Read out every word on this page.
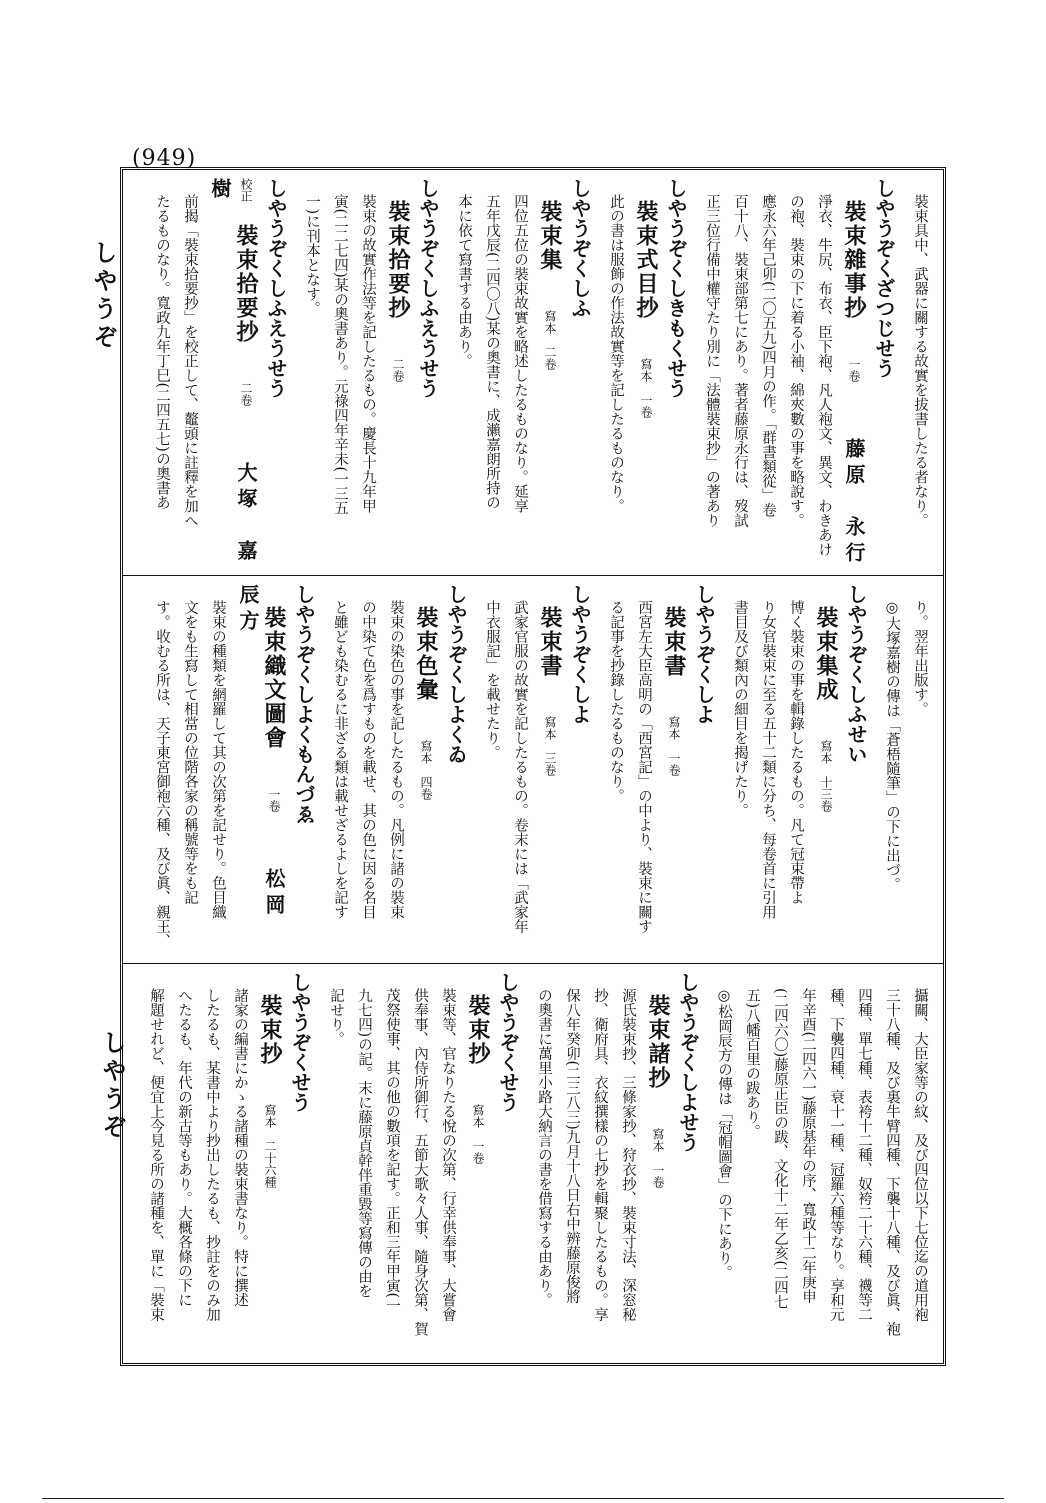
(949)
しやうぞ
しやうぞ
裝束具中、武器に關する故實を拔書したる者なり。
しやうぞくざつじせう
裝束雜事抄　一卷　藤原　永行
淨衣、牛尻、布衣、臣下袍、凡人袍文、異文、わきあけ
の袍、裝束の下に着る小袖、綿夾數の事を略說す。
應永六年己卯(二〇五九)四月の作。「群書類從」卷
百十八、裝束部第七にあり。著者藤原永行は、歿試
正三位行備中權守たり別に「法體裝束抄」の著あり
しやうぞくしきもくせう
裝束式目抄　寫本　一卷
此の書は服飾の作法故實等を記したるものなり。
しやうぞくしふ
裝束集　寫本　二卷
四位五位の裝束故實を略述したるものなり。延享
五年戊辰(二四〇八)某の奧書に、成瀨嘉朗所持の
本に依て寫書する由あり。
しやうぞくしふえうせう
裝束拾要抄　二卷
裝束の故實作法等を記したるもの。慶長十九年甲
寅(二二七四)某の奧書あり。元祿四年辛未(一三五
一)に刊本となす。
しやうぞくしふえうせう
校正裝束拾要抄　二卷　大塚　嘉樹
前揭「裝束拾要抄」を校正して、鼇頭に註釋を加へ
たるものなり。寬政九年丁巳(二四五七)の奧書あ
り。翌年出版す。
◎大塚嘉樹の傳は「蒼梧隨筆」の下に出づ。
しやうぞくしふせい
裝束集成　寫本　十三卷
博く裝束の事を輯錄したるもの。凡て冠束帶よ
り女官裝束に至る五十二類に分ち、每卷首に引用
書目及び類內の細目を揭げたり。
しやうぞくしよ
裝束書　寫本　一卷
西宮左大臣高明の「西宮記」の中より、裝束に關す
る記事を抄錄したるものなり。
しやうぞくしよ
裝束書　寫本　三卷
武家官服の故實を記したるもの。卷末には「武家年
中衣服記」を載せたり。
しやうぞくしよくゐ
裝束色彙　寫本　四卷
裝束の染色の事を記したるもの。凡例に諸の裝束
の中染て色を爲すものを載せ、其の色に因る名目
と雖ども染むるに非ざる類は載せざるよしを記す
しやうぞくしよくもんづゑ
裝束織文圖會　一卷　松岡　辰方
裝束の種類を網羅して其の次第を記せり。色目織
文をも生寫して相當の位階各家の稱號等をも記
す。收むる所は、天子東宮御袍六種、及び眞、親王、
攝關、大臣家等の紋、及び四位以下七位迄の道用袍
三十八種、及び裏牛臂四種、下襲十八種、及び眞、袍
四種、單七種、表袴十二種、奴袴二十六種、襪等二
種、下襲四種、衰十一種、冠羅六種等なり。享和元
年辛酉(二四六一)藤原基年の序、寬政十二年庚申
(二四六〇)藤原正臣の跋、文化十二年乙亥(二四七
五)八幡百里の跋あり。
◎松岡辰方の傳は「冠帽圖會」の下にあり。
しやうぞくしよせう
裝束諸抄　寫本　一卷
源氏裝束抄、三條家抄、狩衣抄、裝束寸法、深窓秘
抄、衛府具、衣紋撰樣の七抄を輯聚したるもの。享
保八年癸卯(二三八三)九月十八日右中辨藤原俊將
の奧書に萬里小路大納言の書を借寫する由あり。
しやうぞくせう
裝束抄　寫本　一卷
裝束等、官なりたる悅の次第、行幸供奉事、大嘗會
供奉事、內侍所御行、五節大歌々人事、隨身次第、賀
茂祭使事、其の他の數項を記す。正和三年甲寅(一
九七四)の記。末に藤原貞幹伴重毀等寫傳の由を
記せり。
しやうぞくせう
裝束抄　寫本　二十六種
諸家の編書にかゝる諸種の裝束書なり。特に撰述
したるも、某書中より抄出したるも、抄註をのみ加
へたるも、年代の新古等もあり。大概各條の下に
解題せれど、便宜上今見る所の諸種を、單に「裝束
